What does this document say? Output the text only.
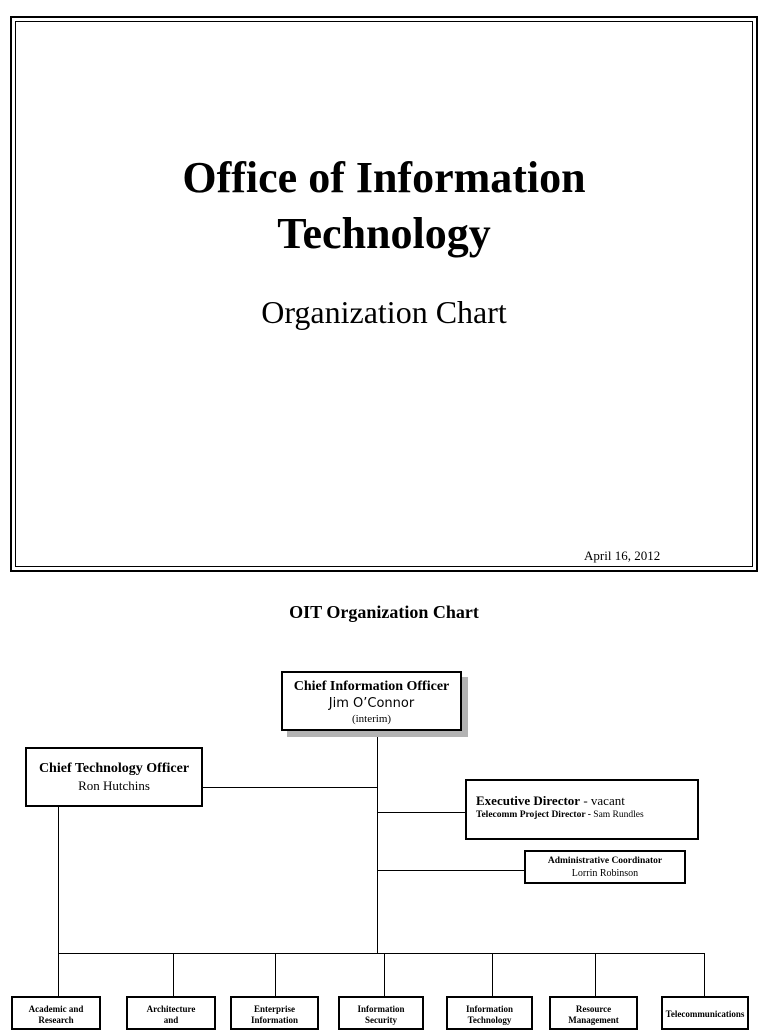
Office of Information
Technology
Organization Chart
April 16, 2012
OIT Organization Chart
Chief Information Officer
Jim O’Connor
(interim)
Chief Technology Officer
Ron Hutchins
Executive Director - vacant
Telecomm Project Director - Sam Rundles
Administrative Coordinator
Lorrin Robinson
Academic and
Research
Architecture
and
Enterprise
Information
Information
Security
Information
Technology
Resource
Management
Telecommunications
